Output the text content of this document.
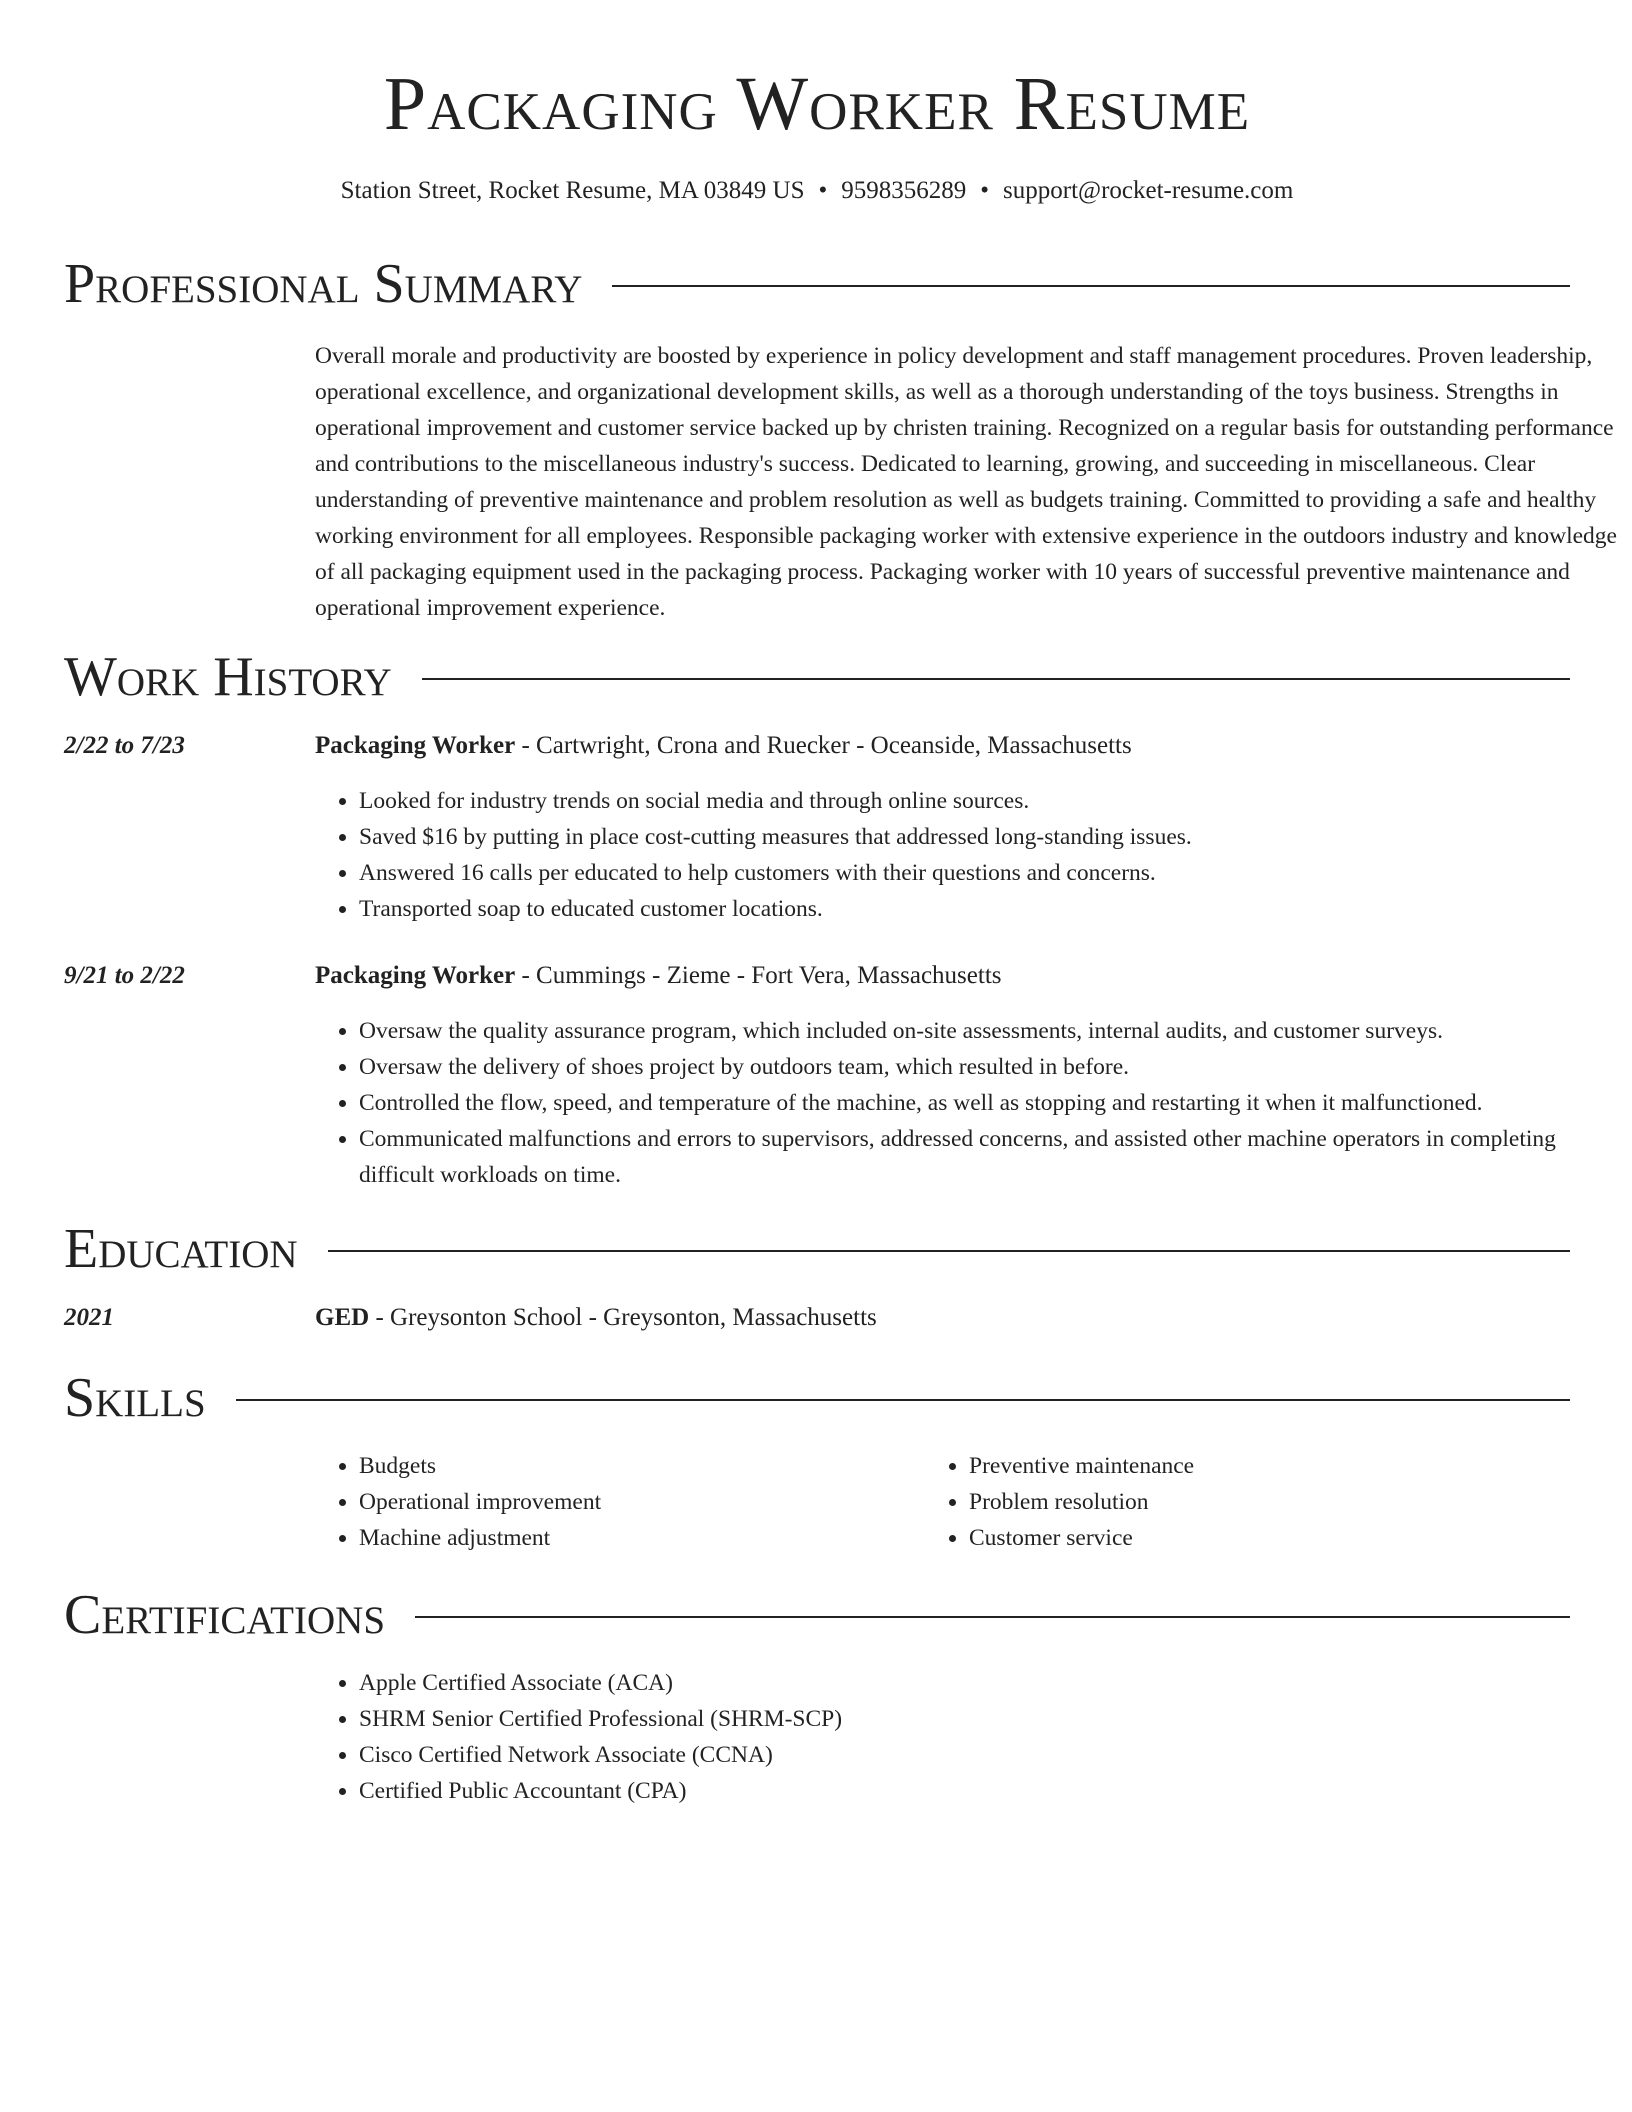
Packaging Worker Resume
Station Street, Rocket Resume, MA 03849 US • 9598356289 • support@rocket-resume.com
Professional Summary
Overall morale and productivity are boosted by experience in policy development and staff management procedures. Proven leadership, operational excellence, and organizational development skills, as well as a thorough understanding of the toys business. Strengths in operational improvement and customer service backed up by christen training. Recognized on a regular basis for outstanding performance and contributions to the miscellaneous industry's success. Dedicated to learning, growing, and succeeding in miscellaneous. Clear understanding of preventive maintenance and problem resolution as well as budgets training. Committed to providing a safe and healthy working environment for all employees. Responsible packaging worker with extensive experience in the outdoors industry and knowledge of all packaging equipment used in the packaging process. Packaging worker with 10 years of successful preventive maintenance and operational improvement experience.
Work History
2/22 to 7/23	Packaging Worker - Cartwright, Crona and Ruecker - Oceanside, Massachusetts
• Looked for industry trends on social media and through online sources.
• Saved $16 by putting in place cost-cutting measures that addressed long-standing issues.
• Answered 16 calls per educated to help customers with their questions and concerns.
• Transported soap to educated customer locations.
9/21 to 2/22	Packaging Worker - Cummings - Zieme - Fort Vera, Massachusetts
• Oversaw the quality assurance program, which included on-site assessments, internal audits, and customer surveys.
• Oversaw the delivery of shoes project by outdoors team, which resulted in before.
• Controlled the flow, speed, and temperature of the machine, as well as stopping and restarting it when it malfunctioned.
• Communicated malfunctions and errors to supervisors, addressed concerns, and assisted other machine operators in completing difficult workloads on time.
Education
2021	GED - Greysonton School - Greysonton, Massachusetts
Skills
• Budgets
• Operational improvement
• Machine adjustment
• Preventive maintenance
• Problem resolution
• Customer service
Certifications
• Apple Certified Associate (ACA)
• SHRM Senior Certified Professional (SHRM-SCP)
• Cisco Certified Network Associate (CCNA)
• Certified Public Accountant (CPA)
